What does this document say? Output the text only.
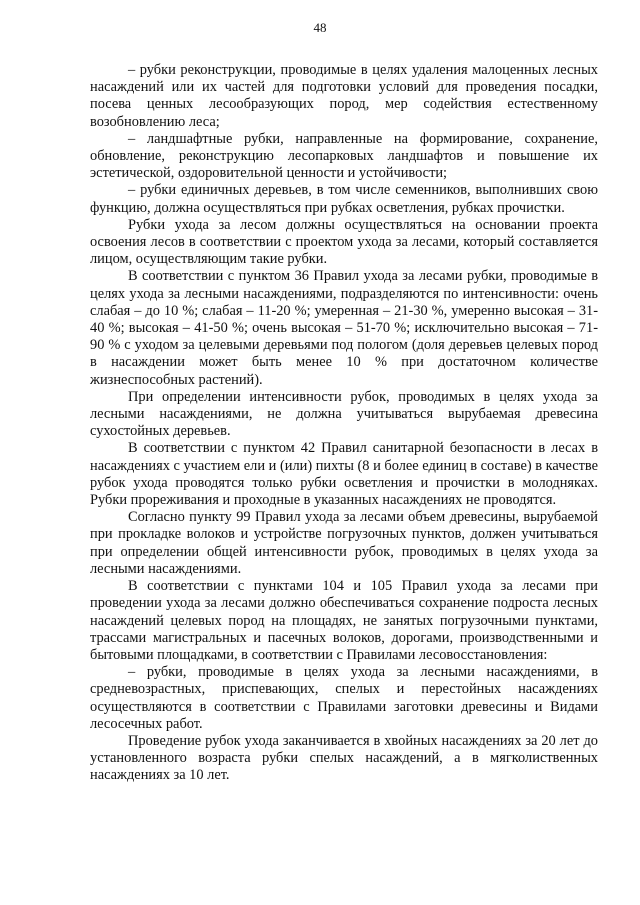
48

– рубки реконструкции, проводимые в целях удаления малоценных лесных насаждений или их частей для подготовки условий для проведения посадки, посева ценных лесообразующих пород, мер содействия естественному возобновлению леса;

– ландшафтные рубки, направленные на формирование, сохранение, обновление, реконструкцию лесопарковых ландшафтов и повышение их эстетической, оздоровительной ценности и устойчивости;

– рубки единичных деревьев, в том числе семенников, выполнивших свою функцию, должна осуществляться при рубках осветления, рубках прочистки.

Рубки ухода за лесом должны осуществляться на основании проекта освоения лесов в соответствии с проектом ухода за лесами, который составляется лицом, осуществляющим такие рубки.

В соответствии с пунктом 36 Правил ухода за лесами рубки, проводимые в целях ухода за лесными насаждениями, подразделяются по интенсивности: очень слабая – до 10 %; слабая – 11-20 %; умеренная – 21-30 %, умеренно высокая – 31-40 %; высокая – 41-50 %; очень высокая – 51-70 %; исключительно высокая – 71-90 % с уходом за целевыми деревьями под пологом (доля деревьев целевых пород в насаждении может быть менее 10 % при достаточном количестве жизнеспособных растений).

При определении интенсивности рубок, проводимых в целях ухода за лесными насаждениями, не должна учитываться вырубаемая древесина сухостойных деревьев.

В соответствии с пунктом 42 Правил санитарной безопасности в лесах в насаждениях с участием ели и (или) пихты (8 и более единиц в составе) в качестве рубок ухода проводятся только рубки осветления и прочистки в молодняках. Рубки прореживания и проходные в указанных насаждениях не проводятся.

Согласно пункту 99 Правил ухода за лесами объем древесины, вырубаемой при прокладке волоков и устройстве погрузочных пунктов, должен учитываться при определении общей интенсивности рубок, проводимых в целях ухода за лесными насаждениями.

В соответствии с пунктами 104 и 105 Правил ухода за лесами при проведении ухода за лесами должно обеспечиваться сохранение подроста лесных насаждений целевых пород на площадях, не занятых погрузочными пунктами, трассами магистральных и пасечных волоков, дорогами, производственными и бытовыми площадками, в соответствии с Правилами лесовосстановления:

– рубки, проводимые в целях ухода за лесными насаждениями, в средневозрастных, приспевающих, спелых и перестойных насаждениях осуществляются в соответствии с Правилами заготовки древесины и Видами лесосечных работ.

Проведение рубок ухода заканчивается в хвойных насаждениях за 20 лет до установленного возраста рубки спелых насаждений, а в мягколиственных насаждениях за 10 лет.
